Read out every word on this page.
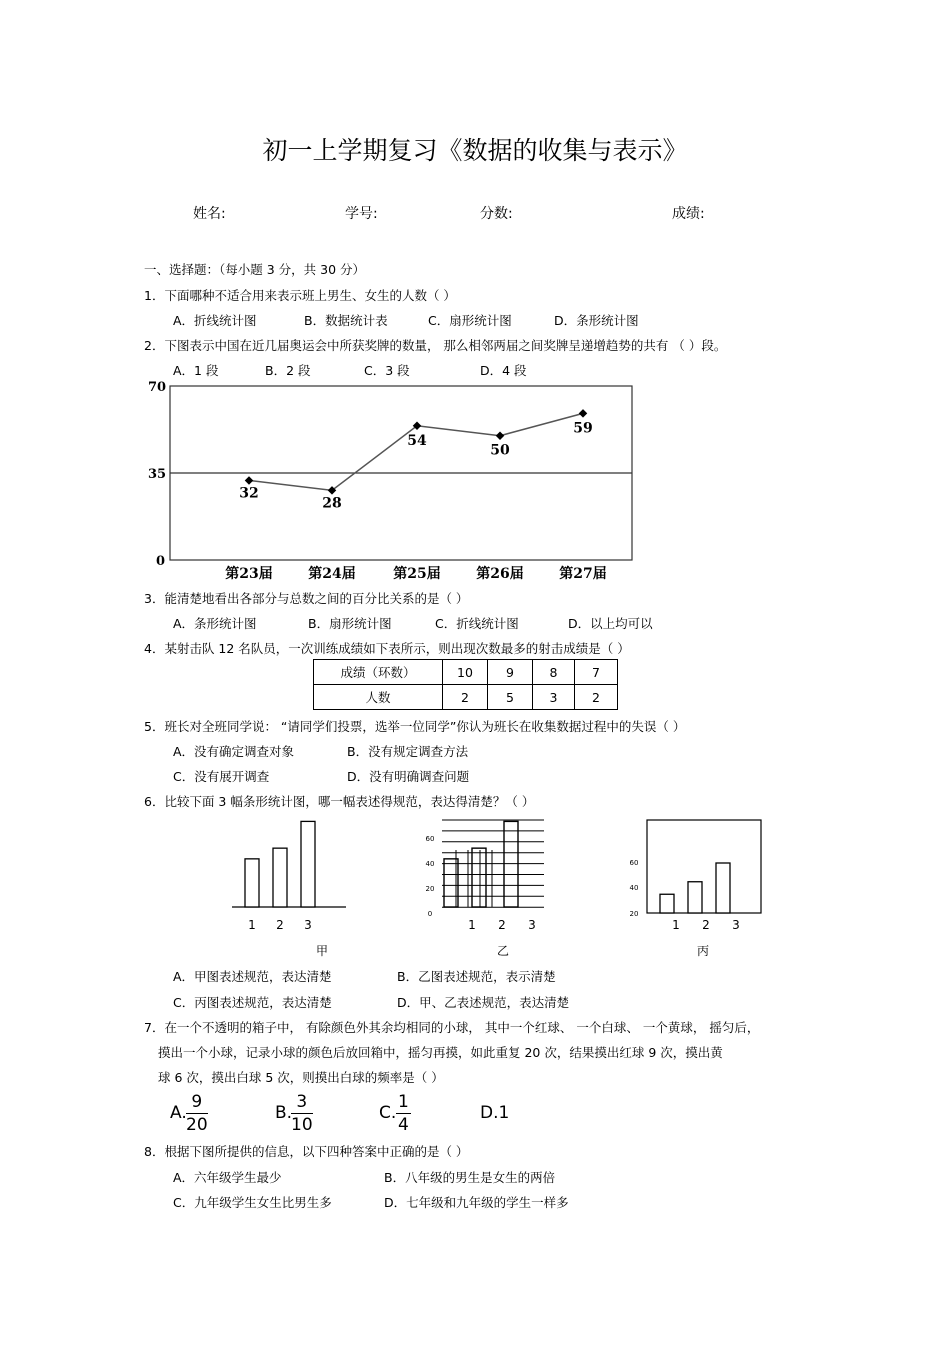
初一上学期复习《数据的收集与表示》
姓名:	学号:	分数:	成绩:
一、选择题：（每小题 3 分，共 30 分）
1．下面哪种不适合用来表示班上男生、女生的人数（ ）
A．折线统计图	B．数据统计表	C．扇形统计图	D．条形统计图
2．下图表示中国在近几届奥运会中所获奖牌的数量， 那么相邻两届之间奖牌呈递增趋势的共有 （ ）段。
A．1 段	B．2 段	C．3 段	D．4 段
70
35
0
32
第23届
28
第24届
54
第25届
50
第26届
59
第27届
3．能清楚地看出各部分与总数之间的百分比关系的是（ ）
A．条形统计图	B．扇形统计图	C．折线统计图	D．以上均可以
4．某射击队 12 名队员，一次训练成绩如下表所示，则出现次数最多的射击成绩是（ ）
成绩（环数）	10	9	8	7
人数	2	5	3	2
5．班长对全班同学说： “请同学们投票，选举一位同学”你认为班长在收集数据过程中的失误（ ）
A．没有确定调查对象	B．没有规定调查方法
C．没有展开调查	D．没有明确调查问题
6．比较下面 3 幅条形统计图，哪一幅表述得规范，表达得清楚？（ ）
1 2 3
甲
1 2 3
0
20
40
60
乙
1 2 3
20
40
60
丙
A．甲图表述规范，表达清楚	B．乙图表述规范，表示清楚
C．丙图表述规范，表达清楚	D．甲、乙表述规范，表达清楚
7．在一个不透明的箱子中， 有除颜色外其余均相同的小球， 其中一个红球、 一个白球、 一个黄球， 摇匀后，
摸出一个小球，记录小球的颜色后放回箱中，摇匀再摸，如此重复 20 次，结果摸出红球 9 次，摸出黄
球 6 次，摸出白球 5 次，则摸出白球的频率是（ ）
A. $\frac{9}{20}$	B.
$\frac{3}{10}$	C. $\frac{1}{4}$	D.1
8．根据下图所提供的信息，以下四种答案中正确的是（ ）
A．六年级学生最少	B．八年级的男生是女生的两倍
C．九年级学生女生比男生多	D．七年级和九年级的学生一样多
